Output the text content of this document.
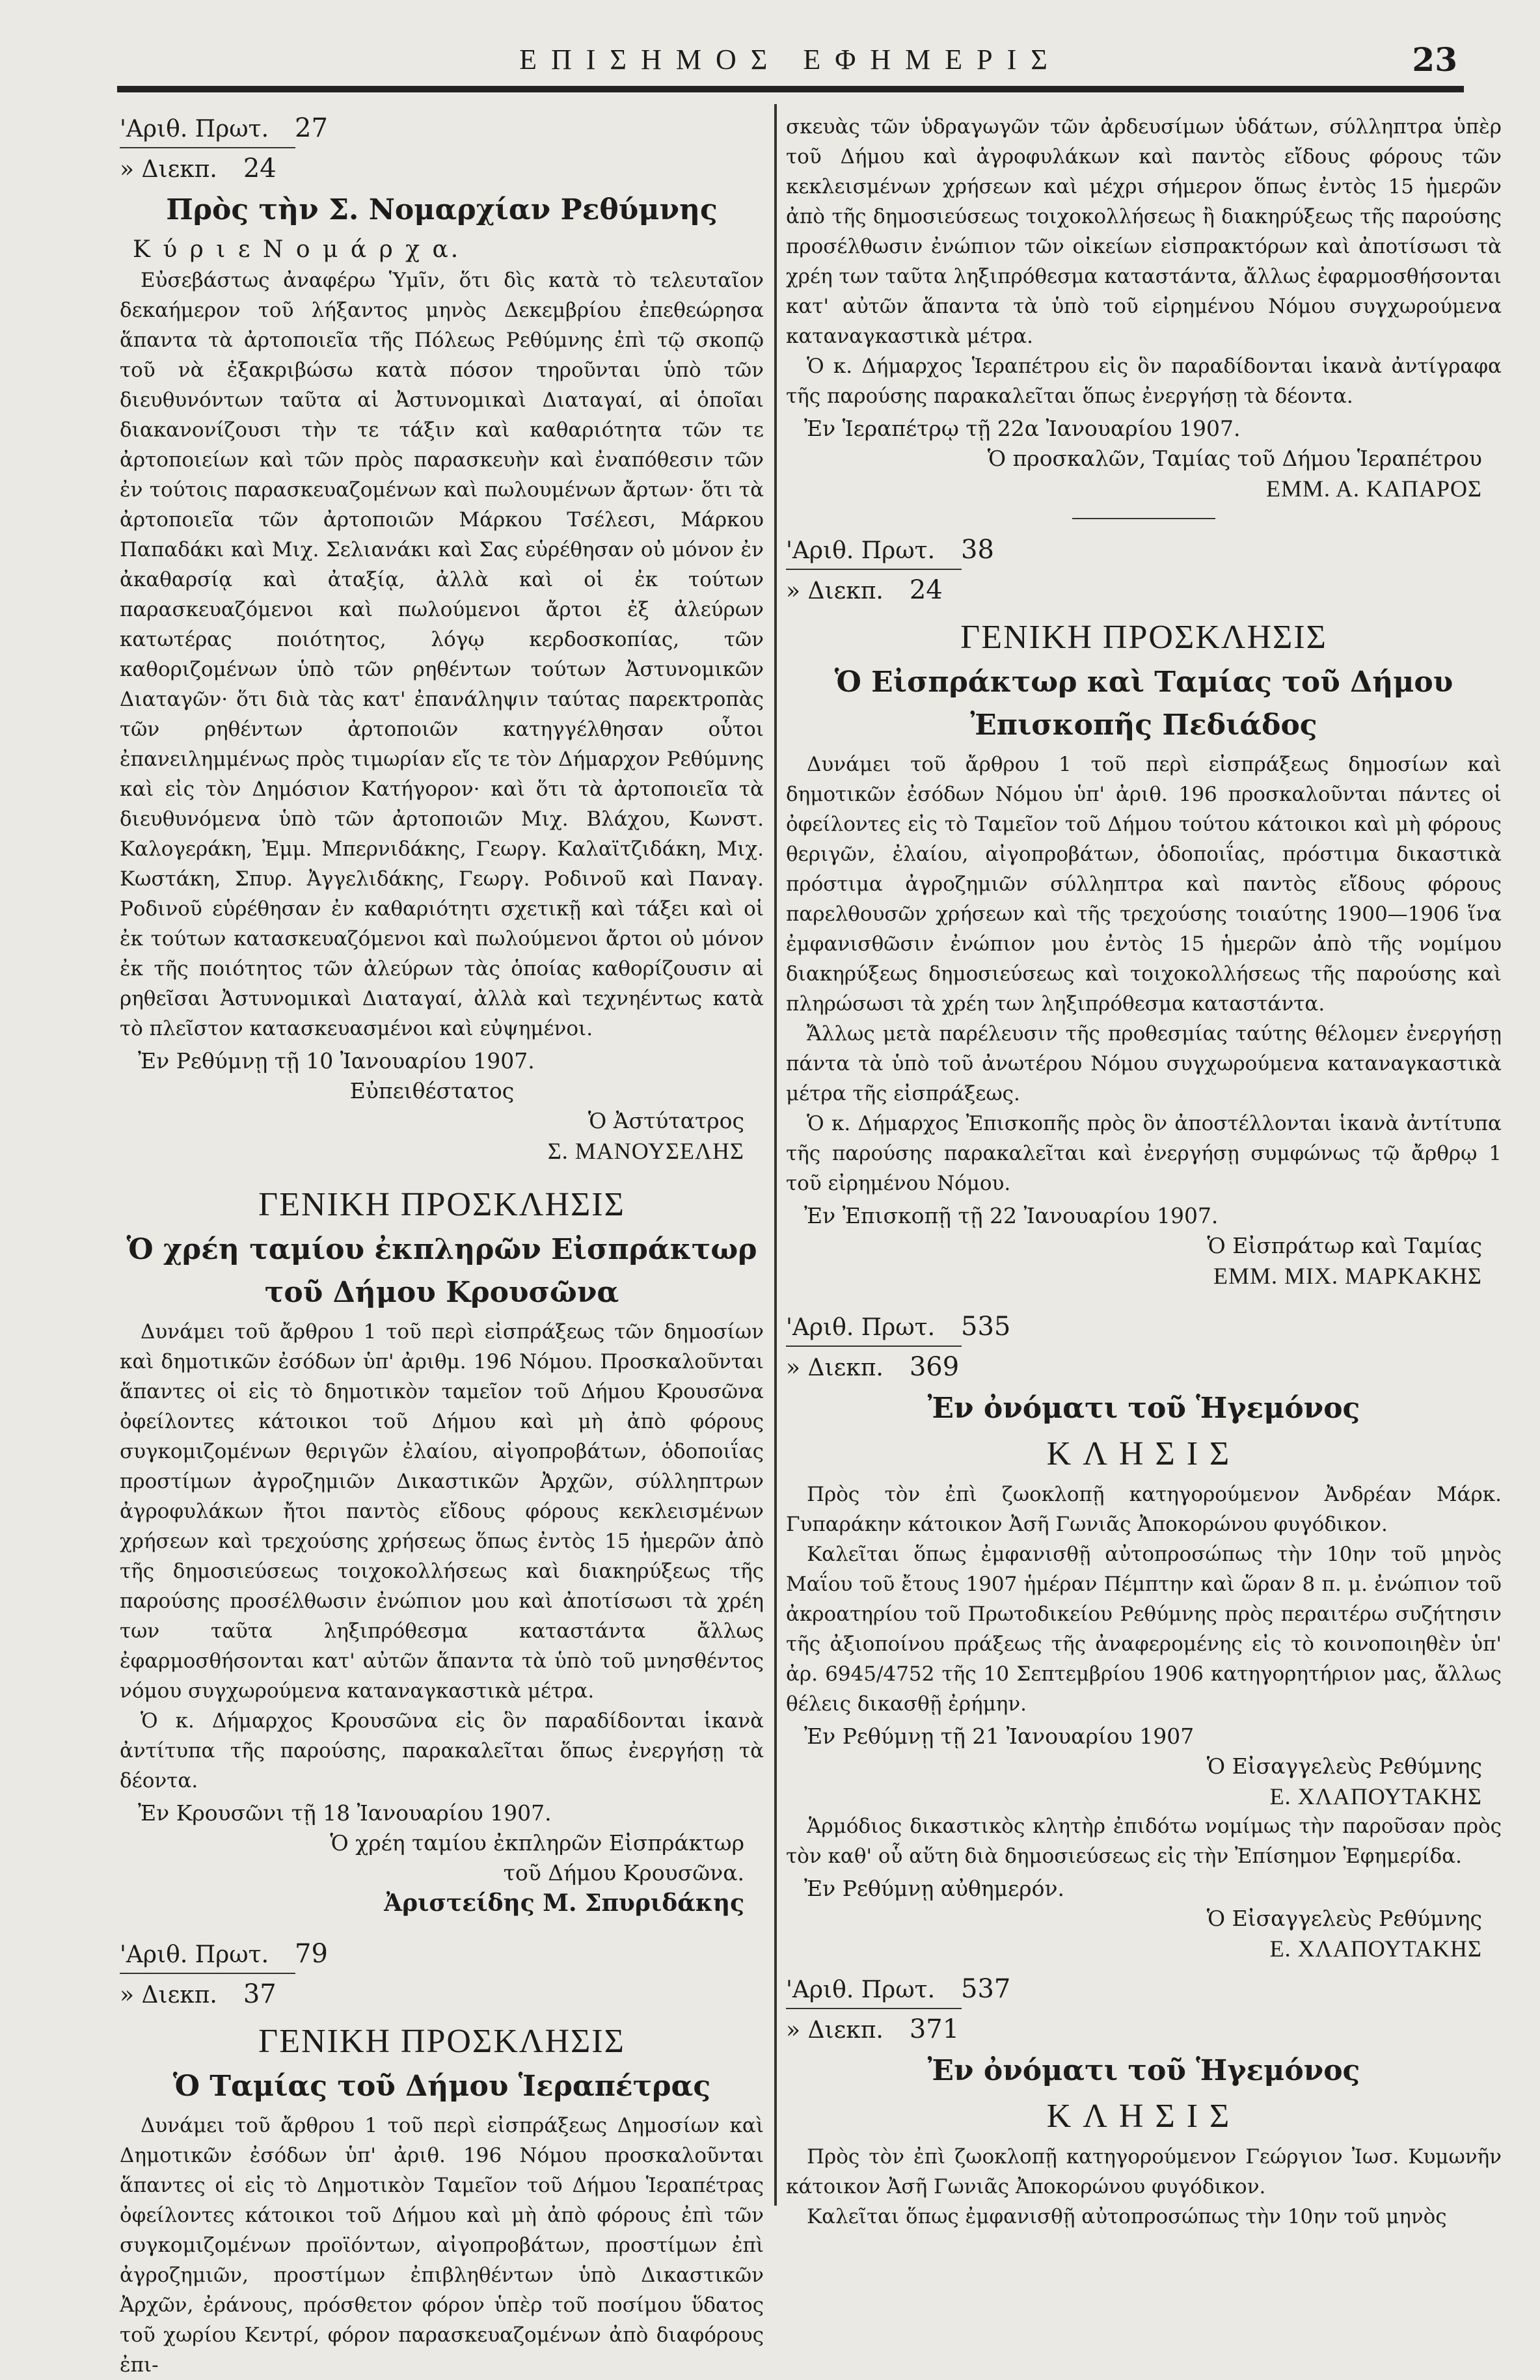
ΕΠΙΣΗΜΟΣ ΕΦΗΜΕΡΙΣ	23

'Αριθ. Πρωτ. 27

» Διεκπ. 24

Πρὸς τὴν Σ. Νομαρχίαν Ρεθύμνης

Κ ύ ρ ι ε Ν ο μ ά ρ χ α.

Εὐσεβάστως ἀναφέρω Ὑμῖν, ὅτι δὶς κατὰ τὸ τελευταῖον δεκαήμερον τοῦ λήξαντος μηνὸς Δεκεμβρίου ἐπεθεώρησα ἅπαντα τὰ ἀρτοποιεῖα τῆς Πόλεως Ρεθύμνης ἐπὶ τῷ σκοπῷ τοῦ νὰ ἐξακριβώσω κατὰ πόσον τηροῦνται ὑπὸ τῶν διευθυνόντων ταῦτα αἱ Ἀστυνομικαὶ Διαταγαί, αἱ ὁποῖαι διακανονίζουσι τὴν τε τάξιν καὶ καθαριότητα τῶν τε ἀρτοποιείων καὶ τῶν πρὸς παρασκευὴν καὶ ἐναπόθεσιν τῶν ἐν τούτοις παρασκευαζομένων καὶ πωλουμένων ἄρτων· ὅτι τὰ ἀρτοποιεῖα τῶν ἀρτοποιῶν Μάρκου Τσέλεσι, Μάρκου Παπαδάκι καὶ Μιχ. Σελιανάκι καὶ Σας εὑρέθησαν οὐ μόνον ἐν ἀκαθαρσίᾳ καὶ ἀταξίᾳ, ἀλλὰ καὶ οἱ ἐκ τούτων παρασκευαζόμενοι καὶ πωλούμενοι ἄρτοι ἐξ ἀλεύρων κατωτέρας ποιότητος, λόγῳ κερδοσκοπίας, τῶν καθοριζομένων ὑπὸ τῶν ρηθέντων τούτων Ἀστυνομικῶν Διαταγῶν· ὅτι διὰ τὰς κατ' ἐπανάληψιν ταύτας παρεκτροπὰς τῶν ρηθέντων ἀρτοποιῶν κατηγγέλθησαν οὗτοι ἐπανειλημμένως πρὸς τιμωρίαν εἴς τε τὸν Δήμαρχον Ρεθύμνης καὶ εἰς τὸν Δημόσιον Κατήγορον· καὶ ὅτι τὰ ἀρτοποιεῖα τὰ διευθυνόμενα ὑπὸ τῶν ἀρτοποιῶν Μιχ. Βλάχου, Κωνστ. Καλογεράκη, Ἐμμ. Μπερνιδάκης, Γεωργ. Καλαϊτζιδάκη, Μιχ. Κωστάκη, Σπυρ. Ἀγγελιδάκης, Γεωργ. Ροδινοῦ καὶ Παναγ. Ροδινοῦ εὑρέθησαν ἐν καθαριότητι σχετικῇ καὶ τάξει καὶ οἱ ἐκ τούτων κατασκευαζόμενοι καὶ πωλούμενοι ἄρτοι οὐ μόνον ἐκ τῆς ποιότητος τῶν ἀλεύρων τὰς ὁποίας καθορίζουσιν αἱ ρηθεῖσαι Ἀστυνομικαὶ Διαταγαί, ἀλλὰ καὶ τεχνηέντως κατὰ τὸ πλεῖστον κατασκευασμένοι καὶ εὐψημένοι.

Ἐν Ρεθύμνῃ τῇ 10 Ἰανουαρίου 1907.

Εὐπειθέστατος

Ὁ Ἀστύτατρος

Σ. ΜΑΝΟΥΣΕΛΗΣ

ΓΕΝΙΚΗ ΠΡΟΣΚΛΗΣΙΣ
Ὁ χρέη ταμίου ἐκπληρῶν Εἰσπράκτωρ
τοῦ Δήμου Κρουσῶνα

Δυνάμει τοῦ ἄρθρου 1 τοῦ περὶ εἰσπράξεως τῶν δημοσίων καὶ δημοτικῶν ἐσόδων ὑπ' ἀριθμ. 196 Νόμου. Προσκαλοῦνται ἅπαντες οἱ εἰς τὸ δημοτικὸν ταμεῖον τοῦ Δήμου Κρουσῶνα ὀφείλοντες κάτοικοι τοῦ Δήμου καὶ μὴ ἀπὸ φόρους συγκομιζομένων θεριγῶν ἐλαίου, αἰγοπροβάτων, ὁδοποιΐας προστίμων ἀγροζημιῶν Δικαστικῶν Ἀρχῶν, σύλληπτρων ἀγροφυλάκων ἤτοι παντὸς εἴδους φόρους κεκλεισμένων χρήσεων καὶ τρεχούσης χρήσεως ὅπως ἐντὸς 15 ἡμερῶν ἀπὸ τῆς δημοσιεύσεως τοιχοκολλήσεως καὶ διακηρύξεως τῆς παρούσης προσέλθωσιν ἐνώπιον μου καὶ ἀποτίσωσι τὰ χρέη των ταῦτα ληξιπρόθεσμα καταστάντα ἄλλως ἐφαρμοσθήσονται κατ' αὐτῶν ἅπαντα τὰ ὑπὸ τοῦ μνησθέντος νόμου συγχωρούμενα καταναγκαστικὰ μέτρα.

Ὁ κ. Δήμαρχος Κρουσῶνα εἰς ὃν παραδίδονται ἱκανὰ ἀντίτυπα τῆς παρούσης, παρακαλεῖται ὅπως ἐνεργήσῃ τὰ δέοντα.

Ἐν Κρουσῶνι τῇ 18 Ἰανουαρίου 1907.

Ὁ χρέη ταμίου ἐκπληρῶν Εἰσπράκτωρ

τοῦ Δήμου Κρουσῶνα.

Ἀριστείδης Μ. Σπυριδάκης

'Αριθ. Πρωτ. 79

» Διεκπ. 37

ΓΕΝΙΚΗ ΠΡΟΣΚΛΗΣΙΣ
Ὁ Ταμίας τοῦ Δήμου Ἱεραπέτρας

Δυνάμει τοῦ ἄρθρου 1 τοῦ περὶ εἰσπράξεως Δημοσίων καὶ Δημοτικῶν ἐσόδων ὑπ' ἀριθ. 196 Νόμου προσκαλοῦνται ἅπαντες οἱ εἰς τὸ Δημοτικὸν Ταμεῖον τοῦ Δήμου Ἱεραπέτρας ὀφείλοντες κάτοικοι τοῦ Δήμου καὶ μὴ ἀπὸ φόρους ἐπὶ τῶν συγκομιζομένων προϊόντων, αἰγοπροβάτων, προστίμων ἐπὶ ἀγροζημιῶν, προστίμων ἐπιβληθέντων ὑπὸ Δικαστικῶν Ἀρχῶν, ἐράνους, πρόσθετον φόρον ὑπὲρ τοῦ ποσίμου ὕδατος τοῦ χωρίου Κεντρί, φόρον παρασκευαζομένων ἀπὸ διαφόρους ἐπι-

σκευὰς τῶν ὑδραγωγῶν τῶν ἀρδευσίμων ὑδάτων, σύλληπτρα ὑπὲρ τοῦ Δήμου καὶ ἀγροφυλάκων καὶ παντὸς εἴδους φόρους τῶν κεκλεισμένων χρήσεων καὶ μέχρι σήμερον ὅπως ἐντὸς 15 ἡμερῶν ἀπὸ τῆς δημοσιεύσεως τοιχοκολλήσεως ἢ διακηρύξεως τῆς παρούσης προσέλθωσιν ἐνώπιον τῶν οἰκείων εἰσπρακτόρων καὶ ἀποτίσωσι τὰ χρέη των ταῦτα ληξιπρόθεσμα καταστάντα, ἄλλως ἐφαρμοσθήσονται κατ' αὐτῶν ἅπαντα τὰ ὑπὸ τοῦ εἰρημένου Νόμου συγχωρούμενα καταναγκαστικὰ μέτρα.

Ὁ κ. Δήμαρχος Ἱεραπέτρου εἰς ὃν παραδίδονται ἱκανὰ ἀντίγραφα τῆς παρούσης παρακαλεῖται ὅπως ἐνεργήσῃ τὰ δέοντα.

Ἐν Ἱεραπέτρῳ τῇ 22α Ἰανουαρίου 1907.

Ὁ προσκαλῶν, Ταμίας τοῦ Δήμου Ἱεραπέτρου

ΕΜΜ. Α. ΚΑΠΑΡΟΣ

'Αριθ. Πρωτ. 38

» Διεκπ. 24

ΓΕΝΙΚΗ ΠΡΟΣΚΛΗΣΙΣ
Ὁ Εἰσπράκτωρ καὶ Ταμίας τοῦ Δήμου
Ἐπισκοπῆς Πεδιάδος

Δυνάμει τοῦ ἄρθρου 1 τοῦ περὶ εἰσπράξεως δημοσίων καὶ δημοτικῶν ἐσόδων Νόμου ὑπ' ἀριθ. 196 προσκαλοῦνται πάντες οἱ ὀφείλοντες εἰς τὸ Ταμεῖον τοῦ Δήμου τούτου κάτοικοι καὶ μὴ φόρους θεριγῶν, ἐλαίου, αἰγοπροβάτων, ὁδοποιΐας, πρόστιμα δικαστικὰ πρόστιμα ἀγροζημιῶν σύλληπτρα καὶ παντὸς εἴδους φόρους παρελθουσῶν χρήσεων καὶ τῆς τρεχούσης τοιαύτης 1900—1906 ἵνα ἐμφανισθῶσιν ἐνώπιον μου ἐντὸς 15 ἡμερῶν ἀπὸ τῆς νομίμου διακηρύξεως δημοσιεύσεως καὶ τοιχοκολλήσεως τῆς παρούσης καὶ πληρώσωσι τὰ χρέη των ληξιπρόθεσμα καταστάντα.

Ἄλλως μετὰ παρέλευσιν τῆς προθεσμίας ταύτης θέλομεν ἐνεργήσῃ πάντα τὰ ὑπὸ τοῦ ἀνωτέρου Νόμου συγχωρούμενα καταναγκαστικὰ μέτρα τῆς εἰσπράξεως.

Ὁ κ. Δήμαρχος Ἐπισκοπῆς πρὸς ὃν ἀποστέλλονται ἱκανὰ ἀντίτυπα τῆς παρούσης παρακαλεῖται καὶ ἐνεργήσῃ συμφώνως τῷ ἄρθρῳ 1 τοῦ εἰρημένου Νόμου.

Ἐν Ἐπισκοπῇ τῇ 22 Ἰανουαρίου 1907.

Ὁ Εἰσπράτωρ καὶ Ταμίας

ΕΜΜ. ΜΙΧ. ΜΑΡΚΑΚΗΣ

'Αριθ. Πρωτ. 535

» Διεκπ. 369

Ἐν ὀνόματι τοῦ Ἡγεμόνος
ΚΛΗΣΙΣ

Πρὸς τὸν ἐπὶ ζωοκλοπῇ κατηγορούμενον Ἀνδρέαν Μάρκ. Γυπαράκην κάτοικον Ἀσῆ Γωνιᾶς Ἀποκορώνου φυγόδικον.

Καλεῖται ὅπως ἐμφανισθῇ αὐτοπροσώπως τὴν 10ην τοῦ μηνὸς Μαΐου τοῦ ἔτους 1907 ἡμέραν Πέμπτην καὶ ὥραν 8 π. μ. ἐνώπιον τοῦ ἀκροατηρίου τοῦ Πρωτοδικείου Ρεθύμνης πρὸς περαιτέρω συζήτησιν τῆς ἀξιοποίνου πράξεως τῆς ἀναφερομένης εἰς τὸ κοινοποιηθὲν ὑπ' ἀρ. 6945/4752 τῆς 10 Σεπτεμβρίου 1906 κατηγορητήριον μας, ἄλλως θέλεις δικασθῇ ἐρήμην.

Ἐν Ρεθύμνῃ τῇ 21 Ἰανουαρίου 1907

Ὁ Εἰσαγγελεὺς Ρεθύμνης

Ε. ΧΛΑΠΟΥΤΑΚΗΣ

Ἁρμόδιος δικαστικὸς κλητὴρ ἐπιδότω νομίμως τὴν παροῦσαν πρὸς τὸν καθ' οὗ αὕτη διὰ δημοσιεύσεως εἰς τὴν Ἐπίσημον Ἐφημερίδα.

Ἐν Ρεθύμνῃ αὐθημερόν.

Ὁ Εἰσαγγελεὺς Ρεθύμνης

Ε. ΧΛΑΠΟΥΤΑΚΗΣ

'Αριθ. Πρωτ. 537

» Διεκπ. 371

Ἐν ὀνόματι τοῦ Ἡγεμόνος
ΚΛΗΣΙΣ

Πρὸς τὸν ἐπὶ ζωοκλοπῇ κατηγορούμενον Γεώργιον Ἰωσ. Κυμωνῆν κάτοικον Ἀσῆ Γωνιᾶς Ἀποκορώνου φυγόδικον.

Καλεῖται ὅπως ἐμφανισθῇ αὐτοπροσώπως τὴν 10ην τοῦ μηνὸς
